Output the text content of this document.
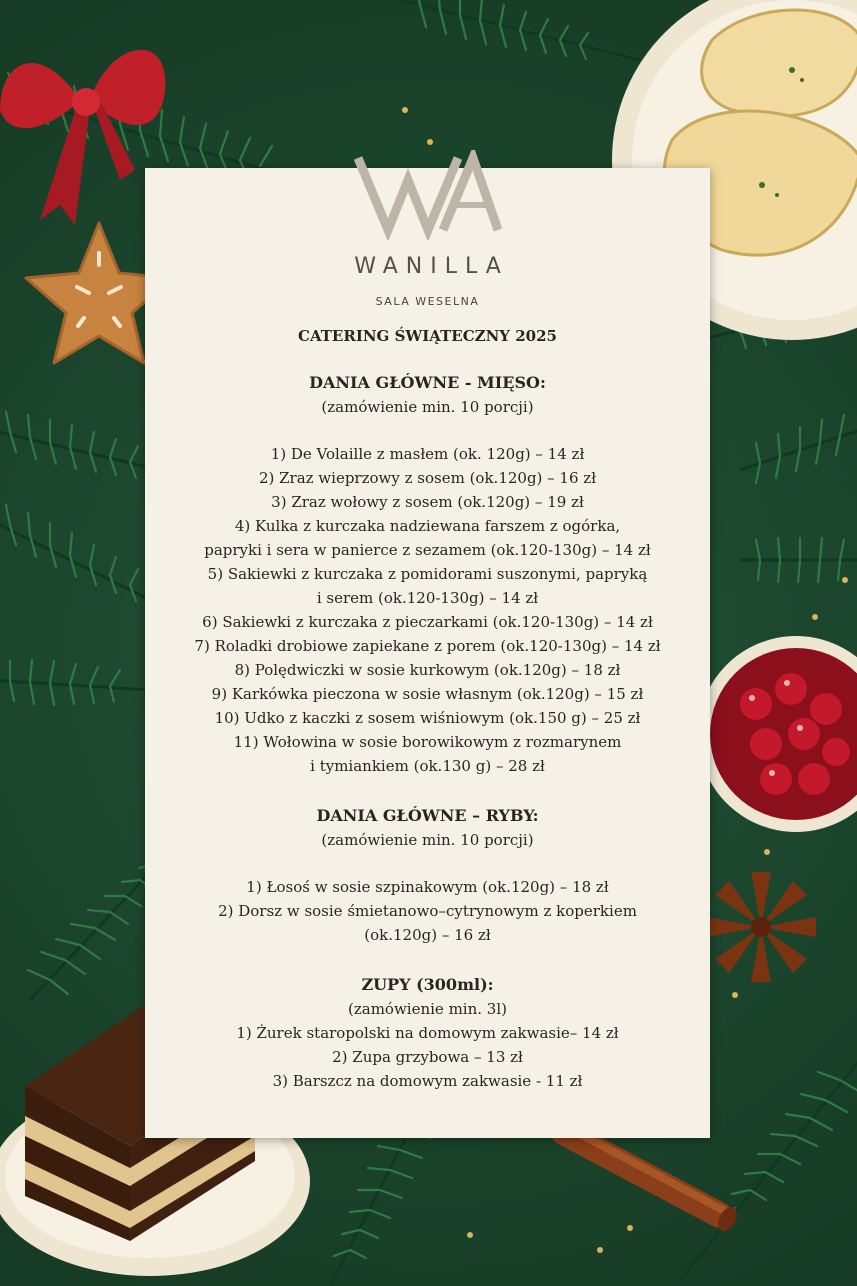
WANILLA
SALA WESELNA
CATERING ŚWIĄTECZNY 2025
DANIA GŁÓWNE - MIĘSO:
(zamówienie min. 10 porcji)
1) De Volaille z masłem (ok. 120g) – 14 zł
2) Zraz wieprzowy z sosem (ok.120g) – 16 zł
3) Zraz wołowy z sosem (ok.120g) – 19 zł
4) Kulka z kurczaka nadziewana farszem z ogórka,
papryki i sera w panierce z sezamem (ok.120-130g) – 14 zł
5) Sakiewki z kurczaka z pomidorami suszonymi, papryką
i serem (ok.120-130g) – 14 zł
6) Sakiewki z kurczaka z pieczarkami (ok.120-130g) – 14 zł
7) Roladki drobiowe zapiekane z porem (ok.120-130g) – 14 zł
8) Polędwiczki w sosie kurkowym (ok.120g) – 18 zł
9) Karkówka pieczona w sosie własnym (ok.120g) – 15 zł
10) Udko z kaczki z sosem wiśniowym (ok.150 g) – 25 zł
11) Wołowina w sosie borowikowym z rozmarynem
i tymiankiem (ok.130 g) – 28 zł
DANIA GŁÓWNE – RYBY:
(zamówienie min. 10 porcji)
1) Łosoś w sosie szpinakowym (ok.120g) – 18 zł
2) Dorsz w sosie śmietanowo–cytrynowym z koperkiem
(ok.120g) – 16 zł
ZUPY (300ml):
(zamówienie min. 3l)
1) Żurek staropolski na domowym zakwasie– 14 zł
2) Zupa grzybowa – 13 zł
3) Barszcz na domowym zakwasie - 11 zł
